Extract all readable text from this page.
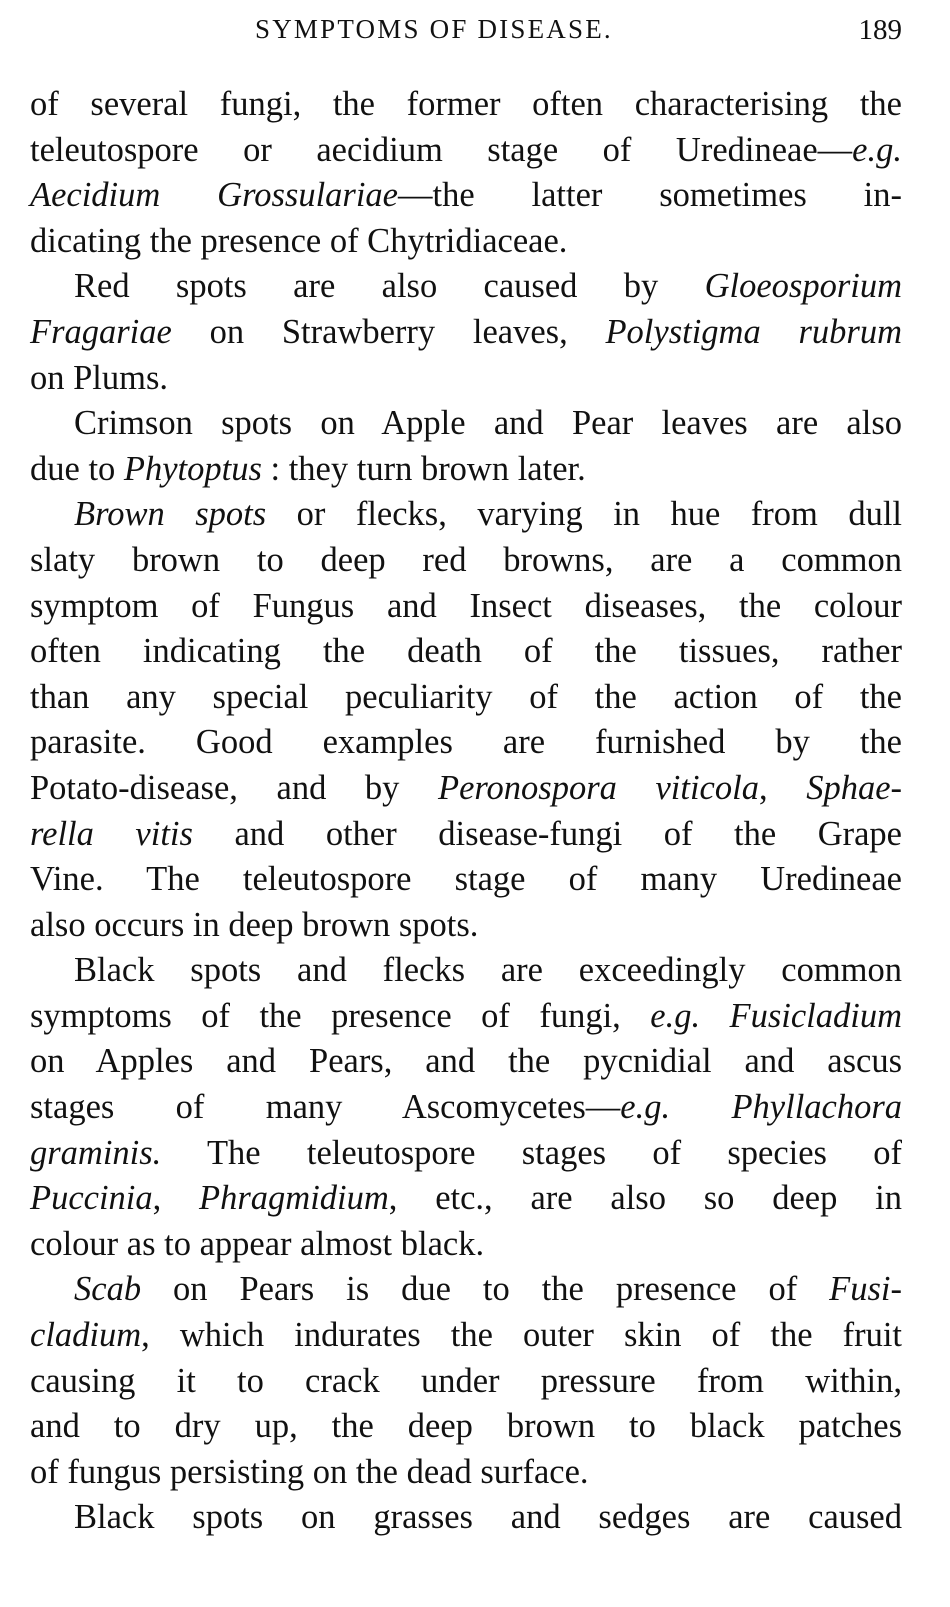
SYMPTOMS OF DISEASE.	189
of several fungi, the former often characterising the
teleutospore or aecidium stage of Uredineae—e.g.
Aecidium Grossulariae—the latter sometimes in-
dicating the presence of Chytridiaceae.
Red spots are also caused by Gloeosporium
Fragariae on Strawberry leaves, Polystigma rubrum
on Plums.
Crimson spots on Apple and Pear leaves are also
due to Phytoptus : they turn brown later.
Brown spots or flecks, varying in hue from dull
slaty brown to deep red browns, are a common
symptom of Fungus and Insect diseases, the colour
often indicating the death of the tissues, rather
than any special peculiarity of the action of the
parasite. Good examples are furnished by the
Potato-disease, and by Peronospora viticola, Sphae-
rella vitis and other disease-fungi of the Grape
Vine. The teleutospore stage of many Uredineae
also occurs in deep brown spots.
Black spots and flecks are exceedingly common
symptoms of the presence of fungi, e.g. Fusicladium
on Apples and Pears, and the pycnidial and ascus
stages of many Ascomycetes—e.g. Phyllachora
graminis. The teleutospore stages of species of
Puccinia, Phragmidium, etc., are also so deep in
colour as to appear almost black.
Scab on Pears is due to the presence of Fusi-
cladium, which indurates the outer skin of the fruit
causing it to crack under pressure from within,
and to dry up, the deep brown to black patches
of fungus persisting on the dead surface.
Black spots on grasses and sedges are caused
